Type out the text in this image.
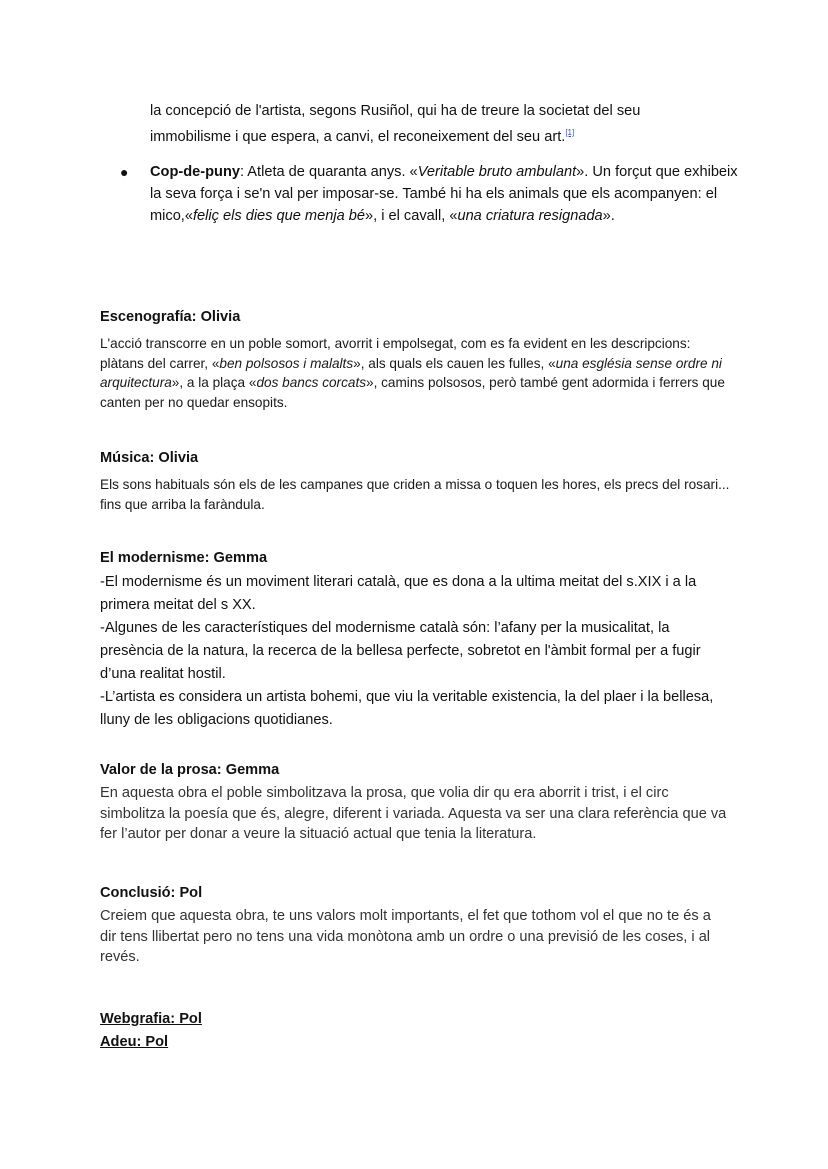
la concepció de l'artista, segons Rusiñol, qui ha de treure la societat del seu
immobilisme i que espera, a canvi, el reconeixement del seu art.[1]
● Cop-de-puny: Atleta de quaranta anys. «Veritable bruto ambulant». Un forçut que exhibeix la seva força i se'n val per imposar-se. També hi ha els animals que els acompanyen: el mico,«feliç els dies que menja bé», i el cavall, «una criatura resignada».
Escenografía: Olivia
L'acció transcorre en un poble somort, avorrit i empolsegat, com es fa evident en les descripcions: plàtans del carrer, «ben polsosos i malalts», als quals els cauen les fulles, «una església sense ordre ni arquitectura», a la plaça «dos bancs corcats», camins polsosos, però també gent adormida i ferrers que canten per no quedar ensopits.
Música: Olivia
Els sons habituals són els de les campanes que criden a missa o toquen les hores, els precs del rosari... fins que arriba la faràndula.
El modernisme: Gemma
-El modernisme és un moviment literari català, que es dona a la ultima meitat del s.XIX i a la primera meitat del s XX.
-Algunes de les característiques del modernisme català són: l’afany per la musicalitat, la presència de la natura, la recerca de la bellesa perfecte, sobretot en l'àmbit formal per a fugir d’una realitat hostil.
-L’artista es considera un artista bohemi, que viu la veritable existencia, la del plaer i la bellesa, lluny de les obligacions quotidianes.
Valor de la prosa: Gemma
En aquesta obra el poble simbolitzava la prosa, que volia dir qu era aborrit i trist, i el circ simbolitza la poesía que és, alegre, diferent i variada. Aquesta va ser una clara referència que va fer l’autor per donar a veure la situació actual que tenia la literatura.
Conclusió: Pol
Creiem que aquesta obra, te uns valors molt importants, el fet que tothom vol el que no te és a dir tens llibertat pero no tens una vida monòtona amb un ordre o una previsió de les coses, i al revés.
Webgrafia: Pol
Adeu: Pol
